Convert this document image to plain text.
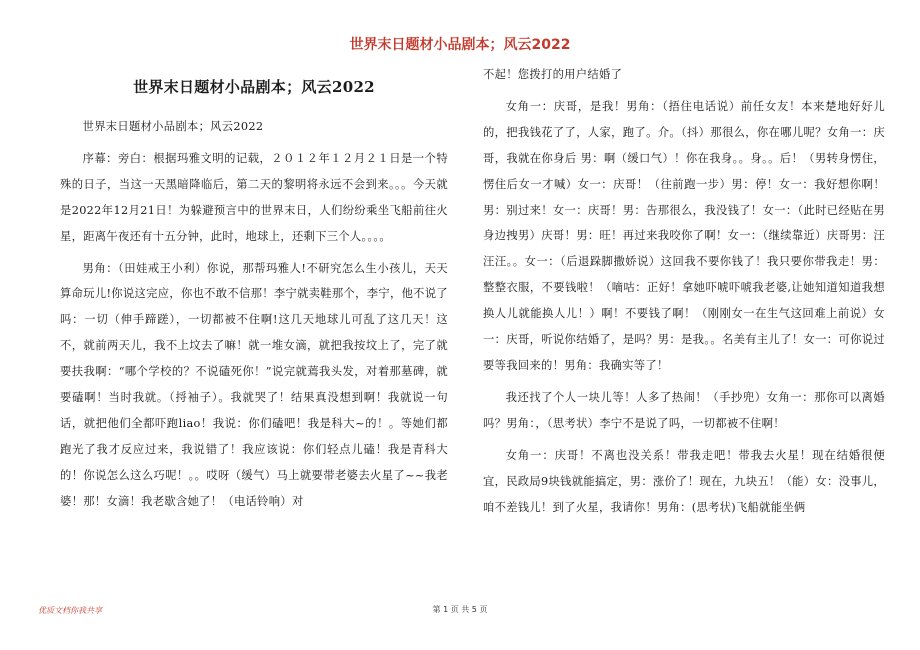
世界末日题材小品剧本；风云2022
世界末日题材小品剧本；风云2022

世界末日题材小品剧本；风云2022

序幕：旁白：根据玛雅文明的记载，２０１２年１２月２１日是一个特殊的日子，当这一天黑暗降临后，第二天的黎明将永远不会到来。。。今天就是2022年12月21日！为躲避预言中的世界末日，人们纷纷乘坐飞船前往火星，距离午夜还有十五分钟，此时，地球上，还剩下三个人。。。。

男角：（田娃戒王小利）你说，那帮玛雅人!不研究怎么生小孩儿，天天算命玩儿!你说这完应，你也不敢不信那！李宁就卖鞋那个，李宁，他不说了吗：一切（伸手蹄蹉），一切都被不住啊!这几天地球儿可乱了这几天！这不，就前两天儿，我不上坟去了嘛！就一堆女滴，就把我按坟上了，完了就要扶我啊：“哪个学校的？不说磕死你！”说完就蔫我头发，对着那墓碑，就要磕啊！当时我就。（捋袖子）。我就哭了！结果真没想到啊！我就说一句话，就把他们全都吓跑liao！我说：你们磕吧！我是科大~的！。等她们都跑光了我才反应过来，我说错了！我应该说：你们轻点儿磕！我是青科大的！你说怎么这么巧呢！。。哎呀（缓气）马上就要带老婆去火星了~~我老婆！那！女滴！我老歇含她了！（电话铃响）对

不起！您拨打的用户结婚了

女角一：庆哥，是我！男角：（捂住电话说）前任女友！本来楚地好好儿的，把我钱花了了，人家，跑了。介。（抖）那很么，你在哪儿呢？女角一：庆哥，我就在你身后 男：啊（缓口气）！你在我身。。身。。后！（男转身愣住，愣住后女一才喊）女一：庆哥！（往前跑一步）男：停！女一：我好想你啊！男：别过来！女一：庆哥！男：告那很么，我没钱了！女一：（此时已经贴在男身边拽男）庆哥！男：旺！再过来我咬你了啊！女一：（继续靠近）庆哥男：汪汪汪。。女一：（后退跺脚撒娇说）这回我不要你钱了！我只要你带我走！男：整整衣服，不要钱啦！（嘀咕：正好！拿她吓唬吓唬我老婆,让她知道知道我想换人儿就能换人儿！）啊！不要钱了啊！（刚刚女一在生气这回难上前说）女一：庆哥，听说你结婚了，是吗？男：是我。。名美有主儿了！女一：可你说过要等我回来的！男角：我确实等了！

我还找了个人一块儿等！人多了热闹！（手抄兜）女角一：那你可以离婚吗？男角：，（思考状）李宁不是说了吗，一切都被不住啊！

女角一：庆哥！不离也没关系！带我走吧！带我去火星！现在结婚很便宜，民政局9块钱就能搞定，男：涨价了！现在，九块五！（能）女：没事儿，咱不差钱儿！到了火星，我请你！男角：(思考状)飞船就能坐俩

优质文档你我共享	第 1 页 共 5 页
